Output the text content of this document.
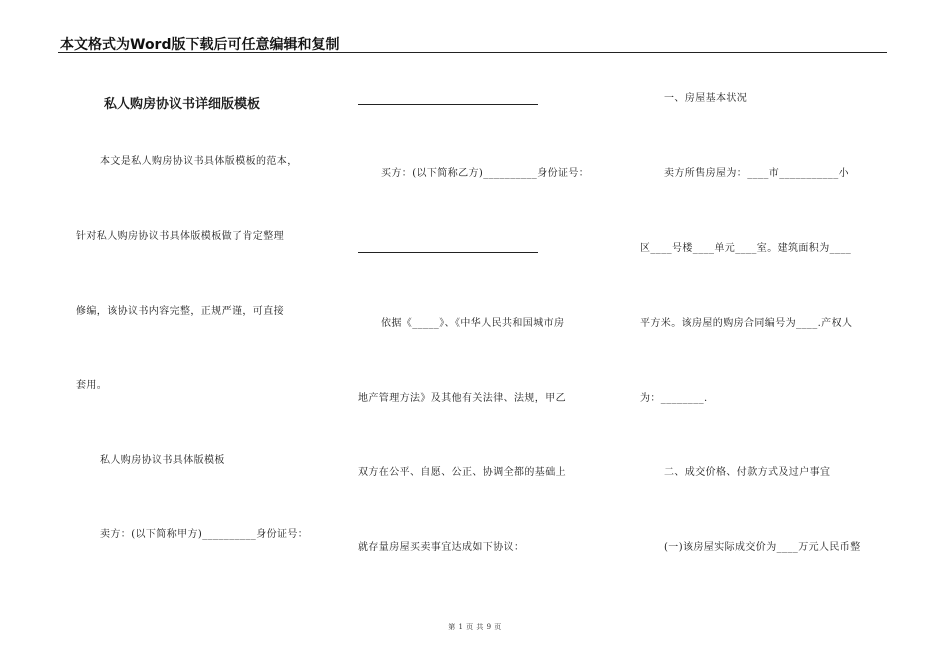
本文格式为Word版下载后可任意编辑和复制
私人购房协议书详细版模板
本文是私人购房协议书具体版模板的范本，
针对私人购房协议书具体版模板做了肯定整理
修编，该协议书内容完整，正规严谨，可直接
套用。
私人购房协议书具体版模板
卖方：(以下简称甲方)__________身份证号：
买方：(以下简称乙方)__________身份证号：
依据《_____》、《中华人民共和国城市房
地产管理方法》及其他有关法律、法规，甲乙
双方在公平、自愿、公正、协调全都的基础上
就存量房屋买卖事宜达成如下协议：
一、房屋基本状况
卖方所售房屋为：____市___________小
区____号楼____单元____室。建筑面积为____
平方米。该房屋的购房合同编号为____.产权人
为：________.
二、成交价格、付款方式及过户事宜
(一)该房屋实际成交价为____万元人民币整
第 1 页 共 9 页
